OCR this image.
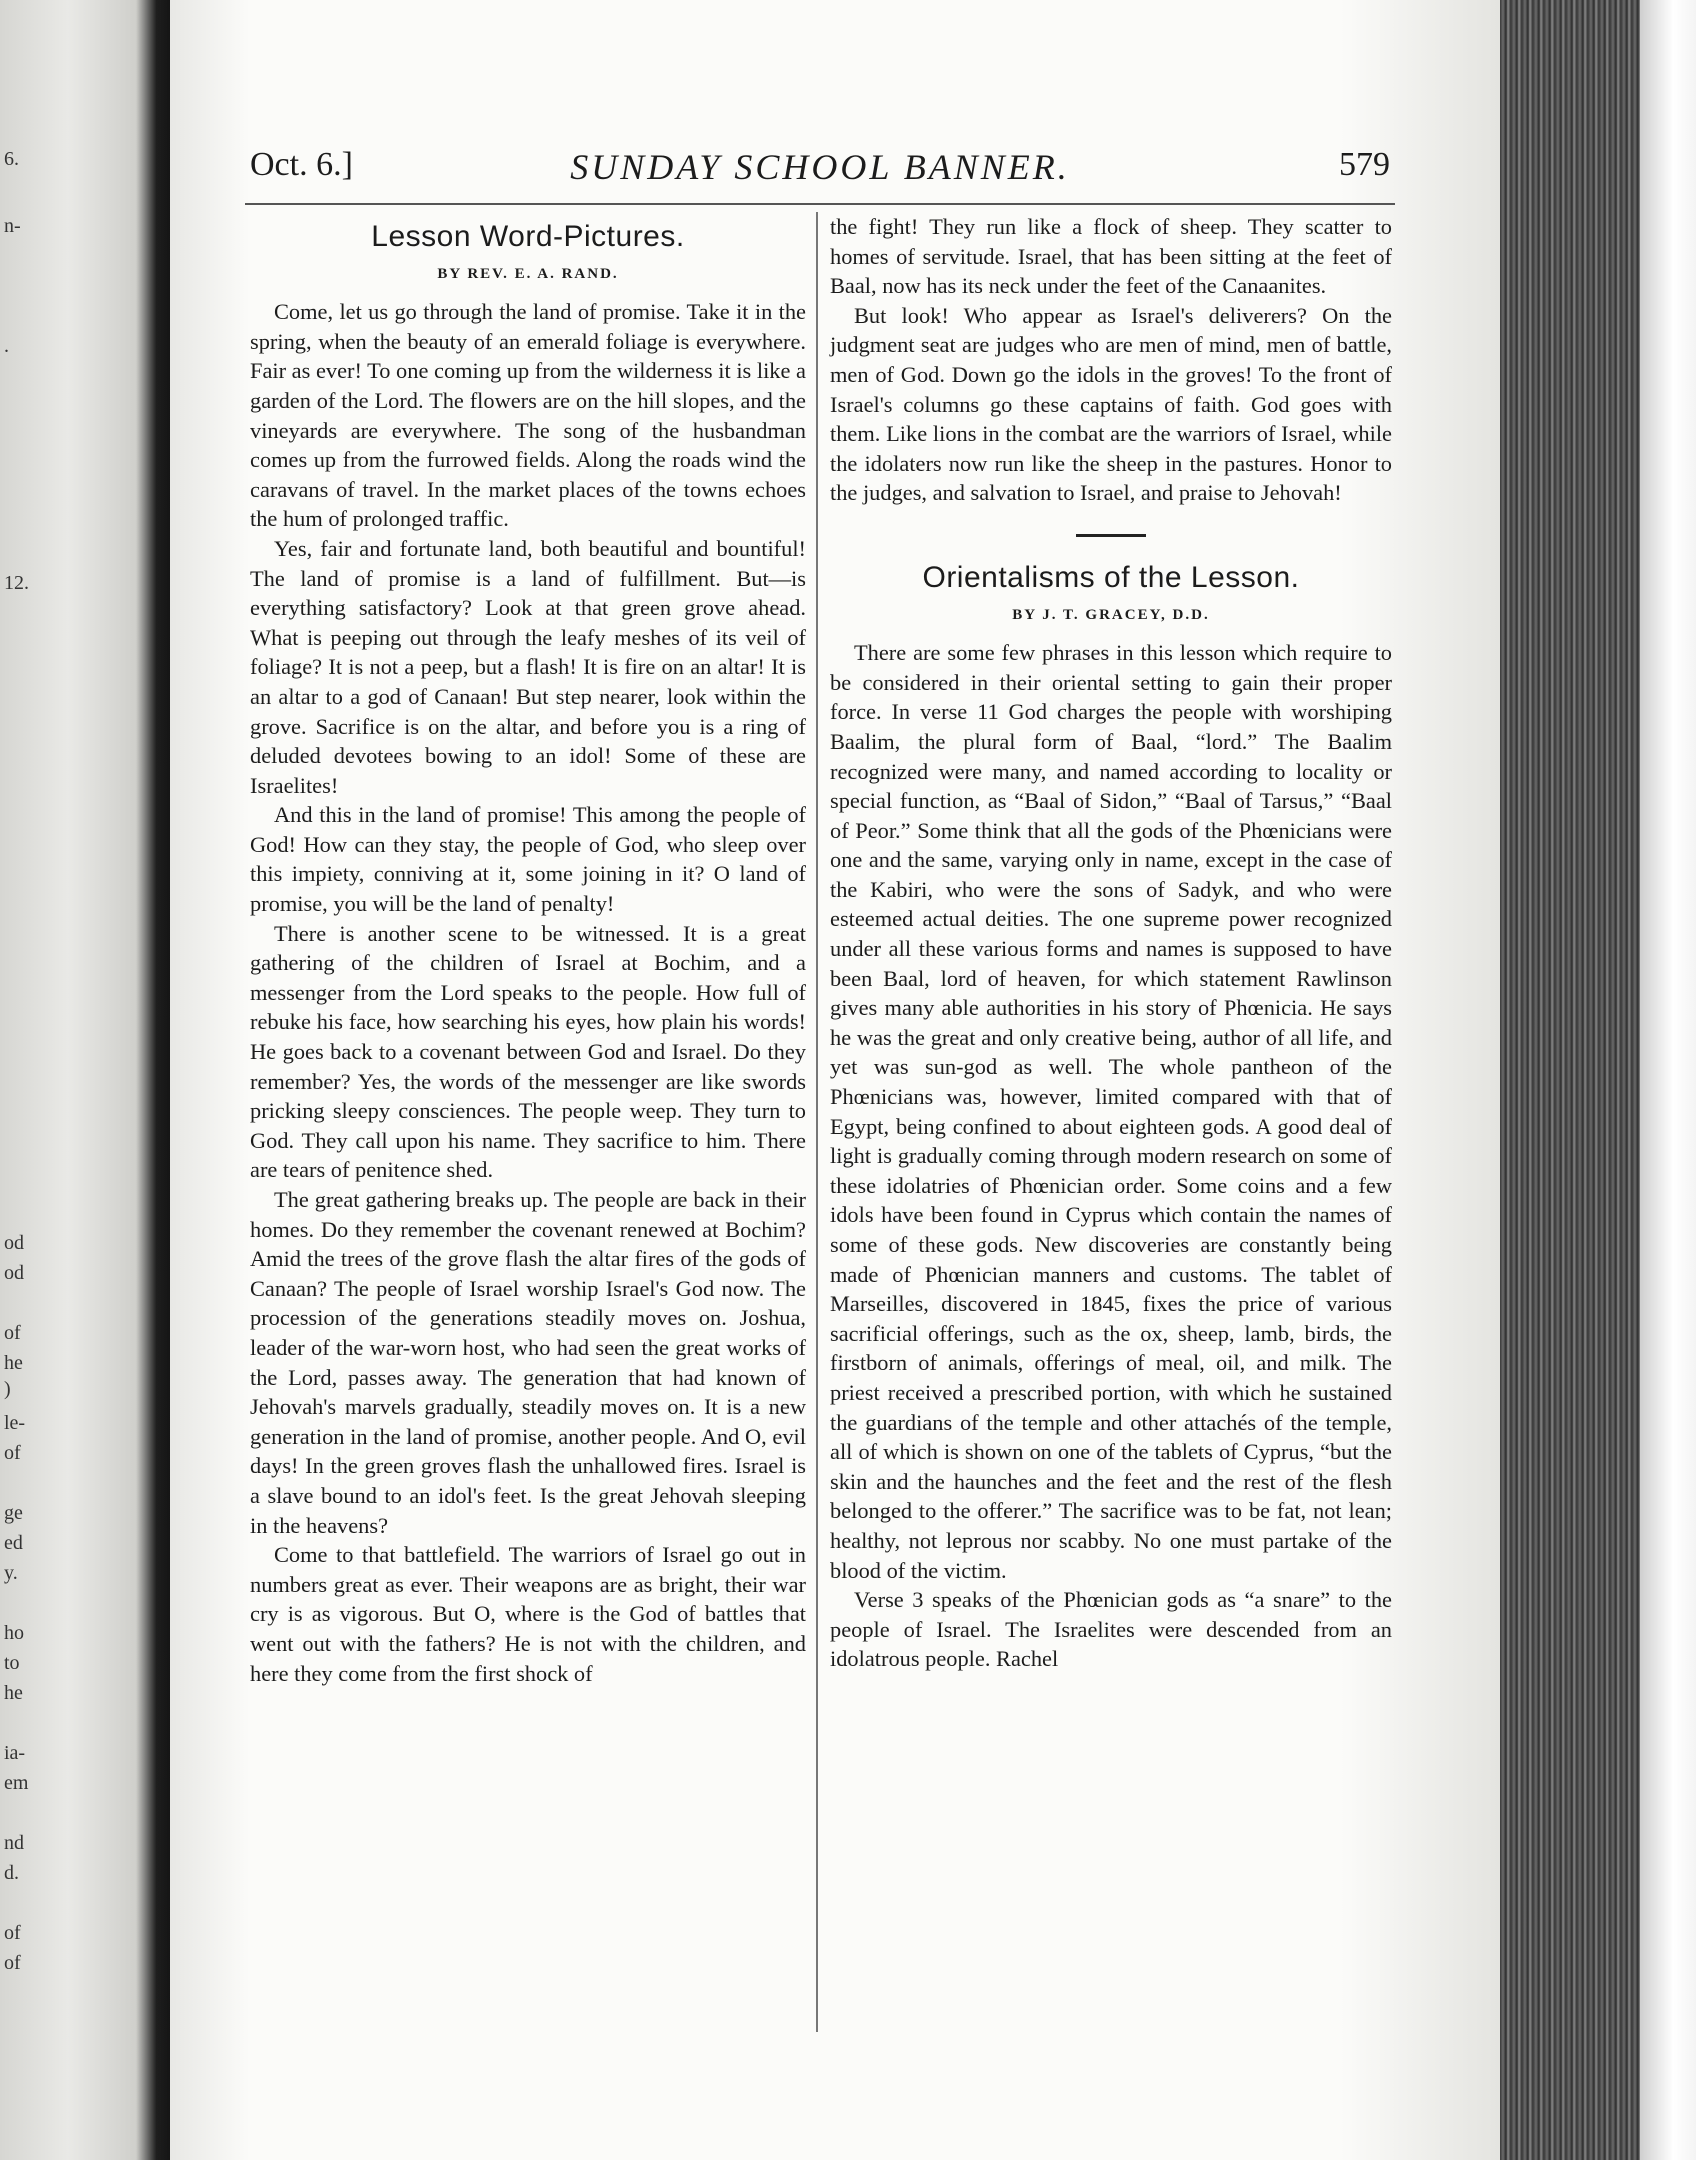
6.
n-
.
12.
od
od
of
he
)
le-
of
ge
ed
y.
ho
to
he
ia-
em
nd
d.
of
of
Oct. 6.]	SUNDAY SCHOOL BANNER.	579
Lesson Word-Pictures.
BY REV. E. A. RAND.

Come, let us go through the land of promise. Take it in the spring, when the beauty of an emerald foliage is everywhere. Fair as ever! To one coming up from the wilderness it is like a garden of the Lord. The flowers are on the hill slopes, and the vineyards are everywhere. The song of the husbandman comes up from the furrowed fields. Along the roads wind the caravans of travel. In the market places of the towns echoes the hum of prolonged traffic.

Yes, fair and fortunate land, both beautiful and bountiful! The land of promise is a land of fulfillment. But—is everything satisfactory? Look at that green grove ahead. What is peeping out through the leafy meshes of its veil of foliage? It is not a peep, but a flash! It is fire on an altar! It is an altar to a god of Canaan! But step nearer, look within the grove. Sacrifice is on the altar, and before you is a ring of deluded devotees bowing to an idol! Some of these are Israelites!

And this in the land of promise! This among the people of God! How can they stay, the people of God, who sleep over this impiety, conniving at it, some joining in it? O land of promise, you will be the land of penalty!

There is another scene to be witnessed. It is a great gathering of the children of Israel at Bochim, and a messenger from the Lord speaks to the people. How full of rebuke his face, how searching his eyes, how plain his words! He goes back to a covenant between God and Israel. Do they remember? Yes, the words of the messenger are like swords pricking sleepy consciences. The people weep. They turn to God. They call upon his name. They sacrifice to him. There are tears of penitence shed.

The great gathering breaks up. The people are back in their homes. Do they remember the covenant renewed at Bochim? Amid the trees of the grove flash the altar fires of the gods of Canaan? The people of Israel worship Israel's God now. The procession of the generations steadily moves on. Joshua, leader of the war-worn host, who had seen the great works of the Lord, passes away. The generation that had known of Jehovah's marvels gradually, steadily moves on. It is a new generation in the land of promise, another people. And O, evil days! In the green groves flash the unhallowed fires. Israel is a slave bound to an idol's feet. Is the great Jehovah sleeping in the heavens?

Come to that battlefield. The warriors of Israel go out in numbers great as ever. Their weapons are as bright, their war cry is as vigorous. But O, where is the God of battles that went out with the fathers? He is not with the children, and here they come from the first shock of

the fight! They run like a flock of sheep. They scatter to homes of servitude. Israel, that has been sitting at the feet of Baal, now has its neck under the feet of the Canaanites.

But look! Who appear as Israel's deliverers? On the judgment seat are judges who are men of mind, men of battle, men of God. Down go the idols in the groves! To the front of Israel's columns go these captains of faith. God goes with them. Like lions in the combat are the warriors of Israel, while the idolaters now run like the sheep in the pastures. Honor to the judges, and salvation to Israel, and praise to Jehovah!

Orientalisms of the Lesson.
BY J. T. GRACEY, D.D.

There are some few phrases in this lesson which require to be considered in their oriental setting to gain their proper force. In verse 11 God charges the people with worshiping Baalim, the plural form of Baal, “lord.” The Baalim recognized were many, and named according to locality or special function, as “Baal of Sidon,” “Baal of Tarsus,” “Baal of Peor.” Some think that all the gods of the Phœnicians were one and the same, varying only in name, except in the case of the Kabiri, who were the sons of Sadyk, and who were esteemed actual deities. The one supreme power recognized under all these various forms and names is supposed to have been Baal, lord of heaven, for which statement Rawlinson gives many able authorities in his story of Phœnicia. He says he was the great and only creative being, author of all life, and yet was sun-god as well. The whole pantheon of the Phœnicians was, however, limited compared with that of Egypt, being confined to about eighteen gods. A good deal of light is gradually coming through modern research on some of these idolatries of Phœnician order. Some coins and a few idols have been found in Cyprus which contain the names of some of these gods. New discoveries are constantly being made of Phœnician manners and customs. The tablet of Marseilles, discovered in 1845, fixes the price of various sacrificial offerings, such as the ox, sheep, lamb, birds, the firstborn of animals, offerings of meal, oil, and milk. The priest received a prescribed portion, with which he sustained the guardians of the temple and other attachés of the temple, all of which is shown on one of the tablets of Cyprus, “but the skin and the haunches and the feet and the rest of the flesh belonged to the offerer.” The sacrifice was to be fat, not lean; healthy, not leprous nor scabby. No one must partake of the blood of the victim.

Verse 3 speaks of the Phœnician gods as “a snare” to the people of Israel. The Israelites were descended from an idolatrous people. Rachel
